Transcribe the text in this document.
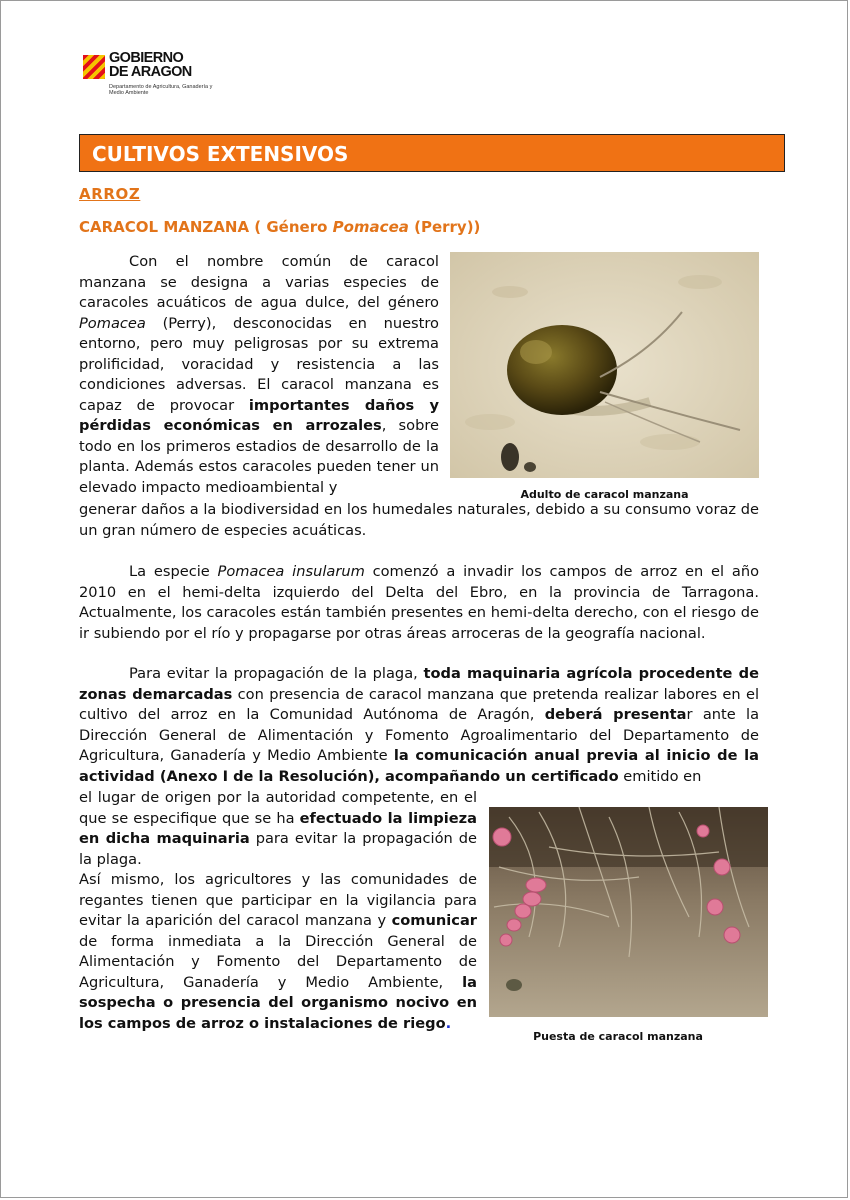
GOBIERNO
DE ARAGON
Departamento de Agricultura, Ganadería y Medio Ambiente
CULTIVOS EXTENSIVOS
ARROZ
CARACOL MANZANA ( Género Pomacea (Perry))

Con el nombre común de caracol manzana se designa a varias especies de caracoles acuáticos de agua dulce, del género Pomacea (Perry), desconocidas en nuestro entorno, pero muy peligrosas por su extrema prolificidad, voracidad y resistencia a las condiciones adversas. El caracol manzana es capaz de provocar importantes daños y pérdidas económicas en arrozales, sobre todo en los primeros estadios de desarrollo de la planta. Además estos caracoles pueden tener un elevado impacto medioambiental y

generar daños a la biodiversidad en los humedales naturales, debido a su consumo voraz de un gran número de especies acuáticas.

Adulto de caracol manzana

La especie Pomacea insularum comenzó a invadir los campos de arroz en el año 2010 en el hemi-delta izquierdo del Delta del Ebro, en la provincia de Tarragona. Actualmente, los caracoles están también presentes en hemi-delta derecho, con el riesgo de ir subiendo por el río y propagarse por otras áreas arroceras de la geografía nacional.

Para evitar la propagación de la plaga, toda maquinaria agrícola procedente de zonas demarcadas con presencia de caracol manzana que pretenda realizar labores en el cultivo del arroz en la Comunidad Autónoma de Aragón, deberá presentar ante la Dirección General de Alimentación y Fomento Agroalimentario del Departamento de Agricultura, Ganadería y Medio Ambiente la comunicación anual previa al inicio de la actividad (Anexo I de la Resolución), acompañando un certificado emitido en

el lugar de origen por la autoridad competente, en el que se especifique que se ha efectuado la limpieza en dicha maquinaria para evitar la propagación de la plaga.

Así mismo, los agricultores y las comunidades de regantes tienen que participar en la vigilancia para evitar la aparición del caracol manzana y comunicar de forma inmediata a la Dirección General de Alimentación y Fomento del Departamento de Agricultura, Ganadería y Medio Ambiente, la sospecha o presencia del organismo nocivo en los campos de arroz o instalaciones de riego.

Puesta de caracol manzana
